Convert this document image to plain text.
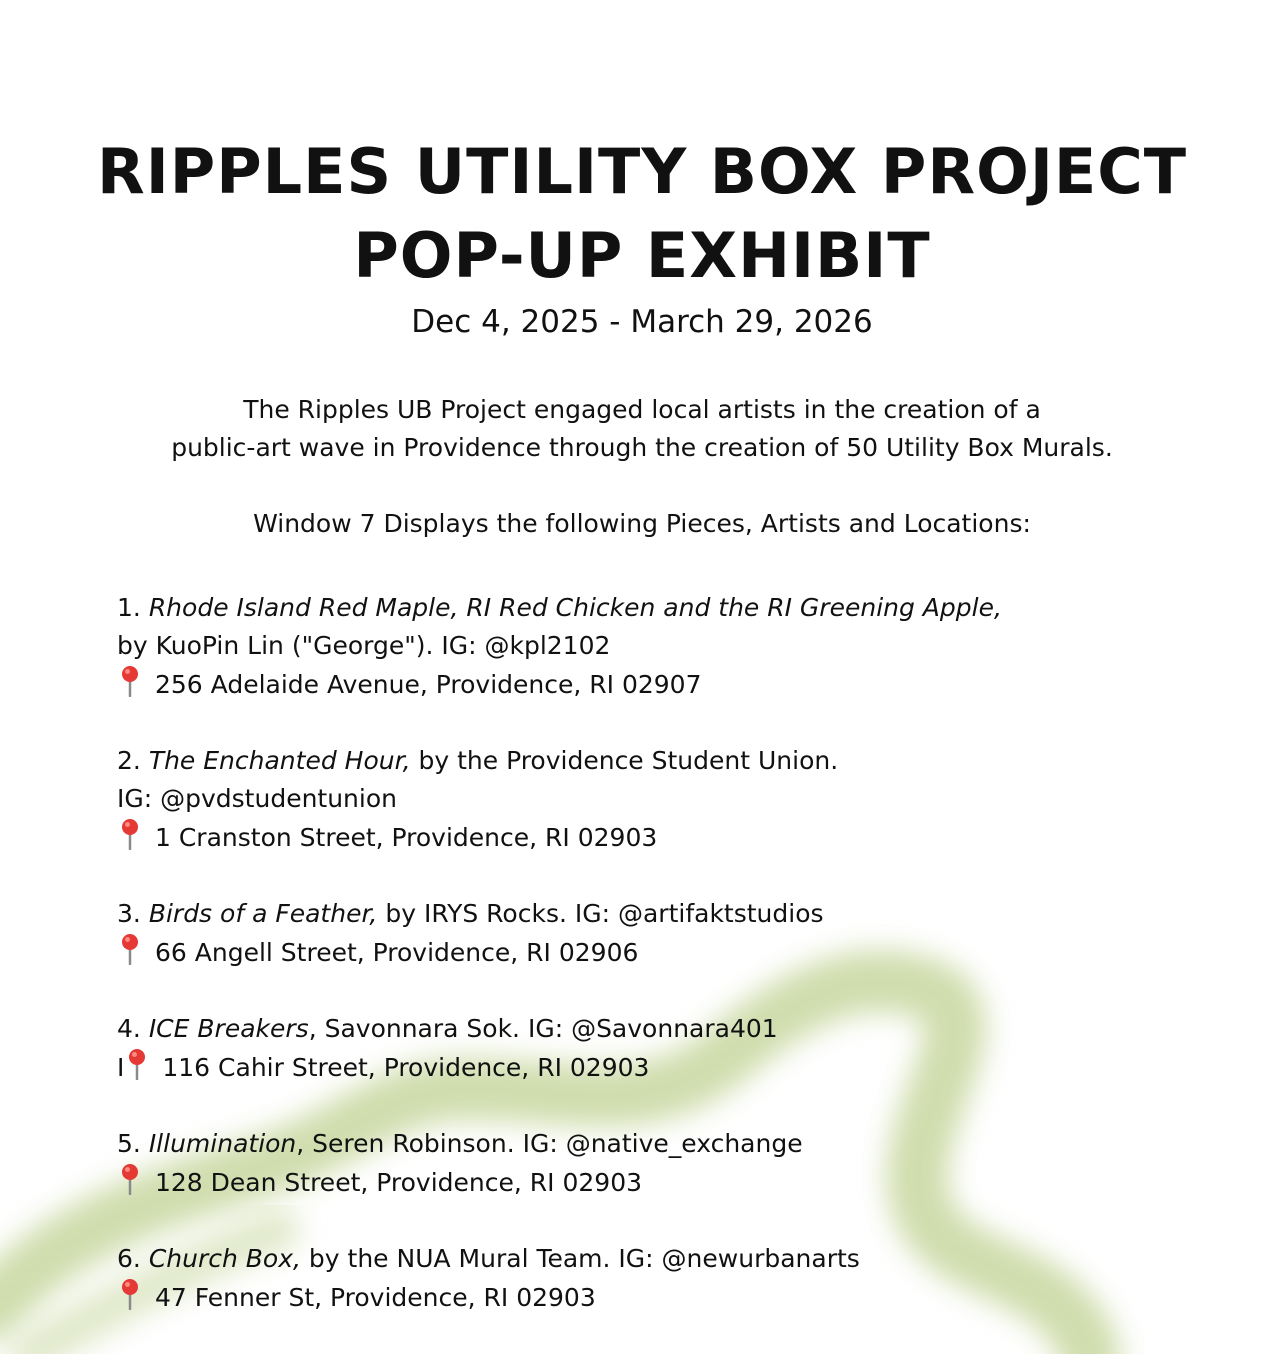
RIPPLES UTILITY BOX PROJECT
POP-UP EXHIBIT
Dec 4, 2025 - March 29, 2026
The Ripples UB Project engaged local artists in the creation of a
public-art wave in Providence through the creation of 50 Utility Box Murals.
Window 7 Displays the following Pieces, Artists and Locations:
1. Rhode Island Red Maple, RI Red Chicken and the RI Greening Apple,
by KuoPin Lin ("George"). IG: @kpl2102
256 Adelaide Avenue, Providence, RI 02907
2. The Enchanted Hour, by the Providence Student Union.
IG: @pvdstudentunion
1 Cranston Street, Providence, RI 02903
3. Birds of a Feather, by IRYS Rocks. IG: @artifaktstudios
66 Angell Street, Providence, RI 02906
4. ICE Breakers, Savonnara Sok. IG: @Savonnara401
I 116 Cahir Street, Providence, RI 02903
5. Illumination, Seren Robinson. IG: @native_exchange
128 Dean Street, Providence, RI 02903
6. Church Box, by the NUA Mural Team. IG: @newurbanarts
47 Fenner St, Providence, RI 02903
